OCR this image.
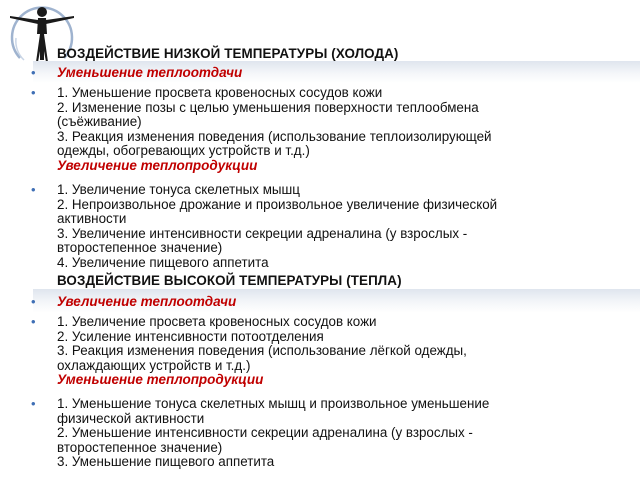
ВОЗДЕЙСТВИЕ НИЗКОЙ ТЕМПЕРАТУРЫ (ХОЛОДА)
ВОЗДЕЙСТВИЕ ВЫСОКОЙ ТЕМПЕРАТУРЫ (ТЕПЛА)
• Уменьшение теплоотдачи
• 1. Уменьшение просвета кровеносных сосудов кожи
2. Изменение позы с целью уменьшения поверхности теплообмена
(съёживание)
3. Реакция изменения поведения (использование теплоизолирующей
одежды, обогревающих устройств и т.д.)
Увеличение теплопродукции
• 1. Увеличение тонуса скелетных мышц
2. Непроизвольное дрожание и произвольное увеличение физической
активности
3. Увеличение интенсивности секреции адреналина (у взрослых -
второстепенное значение)
4. Увеличение пищевого аппетита
• Увеличение теплоотдачи
• 1. Увеличение просвета кровеносных сосудов кожи
2. Усиление интенсивности потоотделения
3. Реакция изменения поведения (использование лёгкой одежды,
охлаждающих устройств и т.д.)
Уменьшение теплопродукции
• 1. Уменьшение тонуса скелетных мышц и произвольное уменьшение
физической активности
2. Уменьшение интенсивности секреции адреналина (у взрослых -
второстепенное значение)
3. Уменьшение пищевого аппетита
